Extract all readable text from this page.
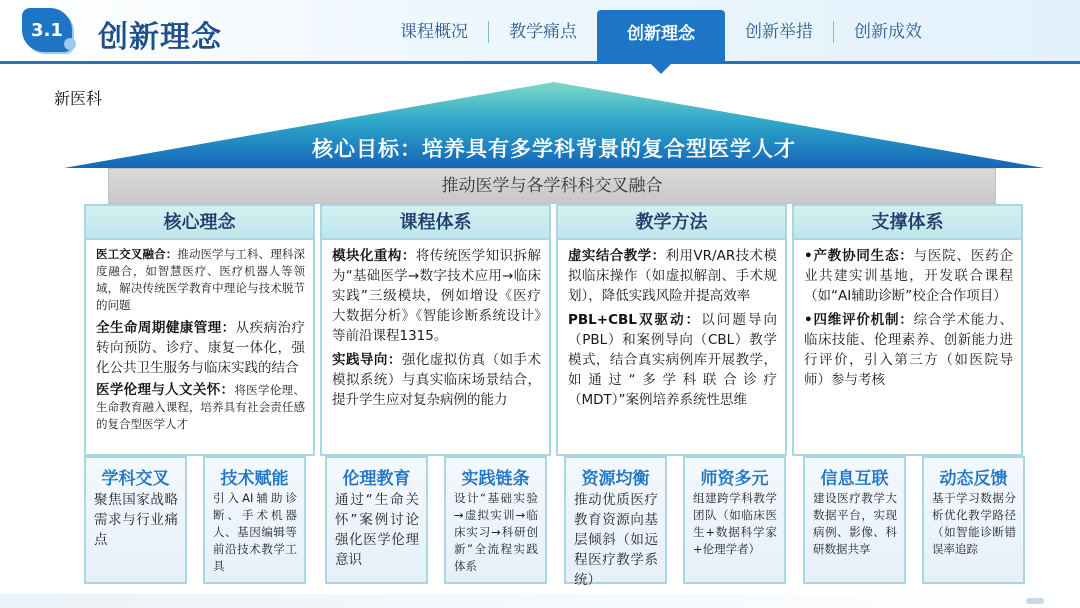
3.1	创新理念	课程概况	教学痛点	创新理念	创新举措	创新成效
新医科
核心目标：培养具有多学科背景的复合型医学人才
推动医学与各学科科交叉融合
核心理念

医工交叉融合：推动医学与工科、理科深度融合，如智慧医疗、医疗机器人等领域，解决传统医学教育中理论与技术脱节的问题

全生命周期健康管理：从疾病治疗转向预防、诊疗、康复一体化，强化公共卫生服务与临床实践的结合

医学伦理与人文关怀：将医学伦理、生命教育融入课程，培养具有社会责任感的复合型医学人才

课程体系

模块化重构：将传统医学知识拆解为“基础医学→数字技术应用→临床实践”三级模块，例如增设《医疗大数据分析》《智能诊断系统设计》等前沿课程1315。

实践导向：强化虚拟仿真（如手术模拟系统）与真实临床场景结合，提升学生应对复杂病例的能力

教学方法

虚实结合教学：利用VR/AR技术模拟临床操作（如虚拟解剖、手术规划），降低实践风险并提高效率

PBL+CBL双驱动：以问题导向（PBL）和案例导向（CBL）教学模式，结合真实病例库开展教学，如通过“多学科联合诊疗（MDT）”案例培养系统性思维

支撑体系

•产教协同生态：与医院、医药企业共建实训基地，开发联合课程（如“AI辅助诊断”校企合作项目）

•四维评价机制：综合学术能力、临床技能、伦理素养、创新能力进行评价，引入第三方（如医院导师）参与考核

学科交叉
聚焦国家战略需求与行业痛点
技术赋能
引入AI辅助诊断、手术机器人、基因编辑等前沿技术教学工具
伦理教育
通过“生命关怀”案例讨论强化医学伦理意识
实践链条
设计“基础实验→虚拟实训→临床实习→科研创新”全流程实践体系
资源均衡
推动优质医疗教育资源向基层倾斜（如远程医疗教学系统）
师资多元
组建跨学科教学团队（如临床医生+数据科学家+伦理学者）
信息互联
建设医疗教学大数据平台，实现病例、影像、科研数据共享
动态反馈
基于学习数据分析优化教学路径（如智能诊断错误率追踪
